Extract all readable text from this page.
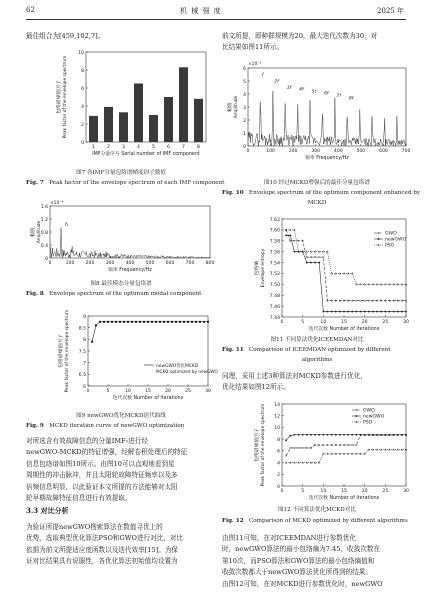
62	机 械 强 度	2025 年
最佳组合为[459,102,7]。
0
2
4
6
8
10
1	2	3	4	5	6	7	8
包络谱峰值因子 Peak factor of the envelope spectrum
IMF分量序号 Serial number of IMF component
图7 各IMF分量包络谱峭度因子数值
Fig. 7 Peak factor of the envelope spectrum of each IMF component
0
0.4
0.8
1.2
1.6
0	100 200 300 400 500 600 700 800
×10⁻⁴
fₛ
幅值 Amplitude
频率 Frequency/Hz
图8 最佳模态分量包络谱
Fig. 8 Envelope spectrum of the optimum modal component
6
6.5
7
7.5
8
8.5
9
0	5	10	15	20	25	30
newGWO优化MCKD
MCKD optimized by newGWO
包络谱峰值因子 Peak factor of the envelope spectrum
迭代次数 Number of iterations
图9 newGWO优化MCKD迭代曲线
Fig. 9 MCKD iteration curve of newGWO optimization
对所选含有效故障信息的分量IMF₇进行经
newGWO-MCKD的特征增强，经解卷积处理后的特征
信息包络谱如图10所示。由图10可以直观地看到星
周期性的冲击脉冲，并且太阳轮故障特征频率以及多
倍频信息明显，以此验证本文所提的方法能够对太阳
轮早期故障特征信息进行有效提取。
3.3 对比分析
为验证所提newGWO搜索算法在数值寻优上的
优势，选取典型优化算法PSO和GWO进行对比，对比
依据为前文所提适应度函数以及迭代效率[15]。为保
证对比结果具有说服性，各优化算法初始值均设置为
前文所提，即种群规模为20，最大迭代次数为30，对
比结果如图11所示。
0
1
2
3
4
5
6
0	100	200	300	400	500	600	700
×10⁻³
f
2f
3f 4f
5f 6f
7f
8f
幅值 Amplitude
频率 Frequency/Hz
图10 经过MCKD增强后的最佳分量包络谱
Fig. 10 Envelope spectrum of the optimum component enhanced by
MCKD
7.44
7.46
7.48
7.50
7.52
7.54
7.56
7.58
7.60
7.62
0	5	10	15	20	25	30
GWO
newGWO
PSO
包络熵 Envelope entropy
迭代次数 Number of iterations
图11 不同算法优化ICEEMDAN对比
Fig. 11 Comparison of ICEEMDAN optimized by different
algorithms
同理，采用上述3种算法对MCKD参数进行优化，
优化结果如图12所示。
0
2
4
6
8
10
12
14
0	5	10	15	20	25	30
GWO
newGWO
PSO
包络谱峰值因子 Peak factor of the envelope spectrum
迭代次数 Number of iterations
图12 不同算法优化MCKD对比
Fig. 12 Comparison of MCKD optimized by different algorithms
由图11可知，在对ICEEMDAN进行参数优化
时，newGWO算法的最小包络熵为7.45，收敛次数在
第10次，而PSO算法和GWO算法的最小包络熵值和
收敛次数都大于newGWO算法优化所得到的结果。
由图12可知，在对MCKD进行参数优化时，newGWO
